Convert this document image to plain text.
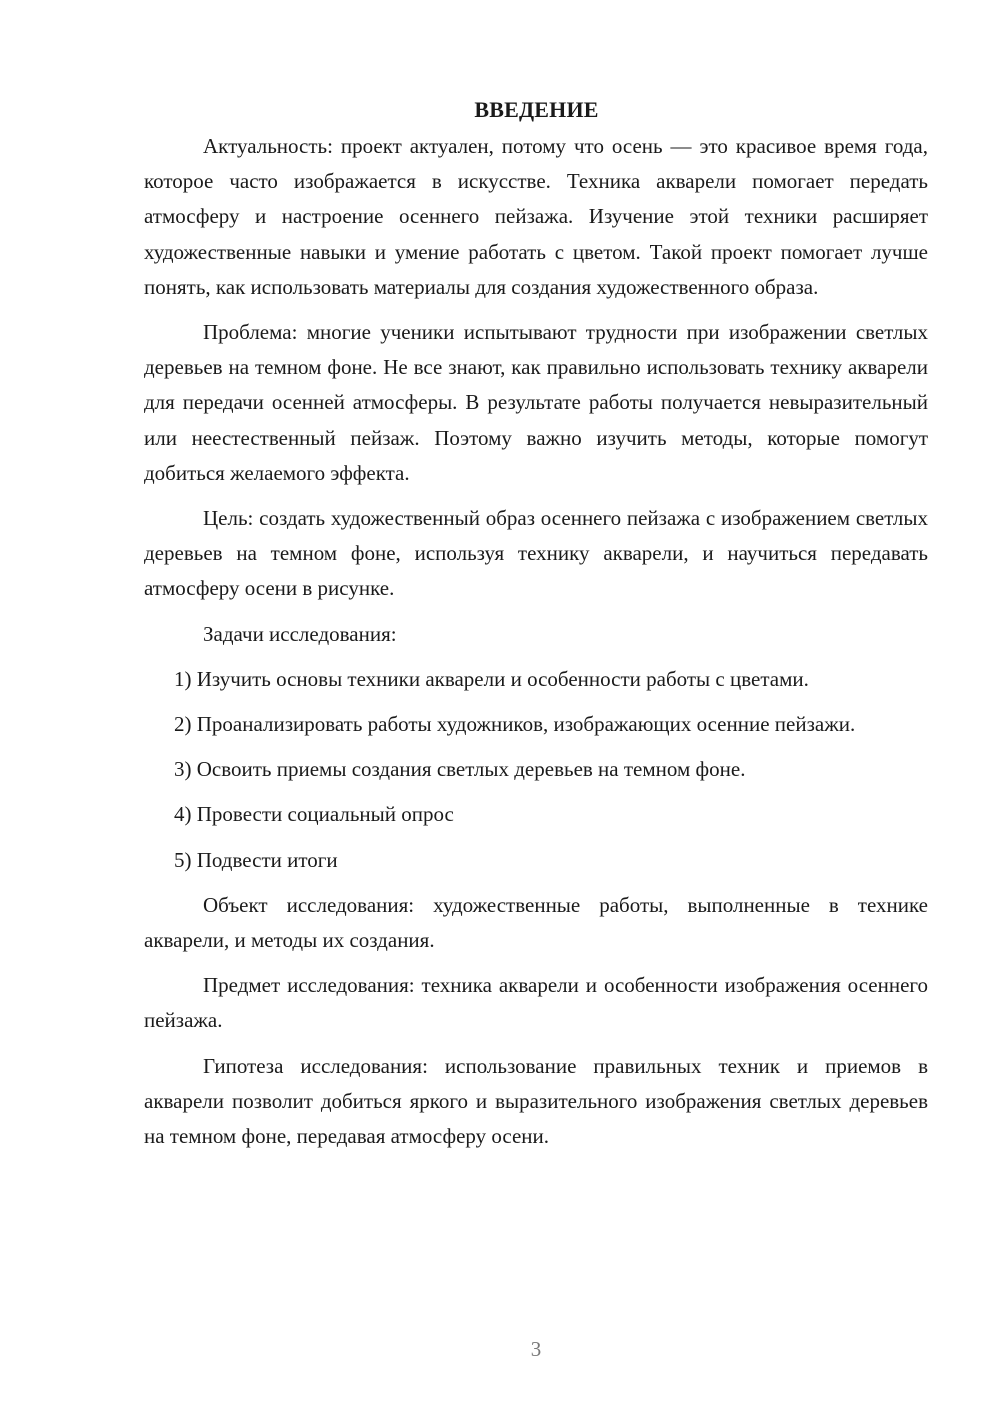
ВВЕДЕНИЕ

Актуальность: проект актуален, потому что осень — это красивое время года, которое часто изображается в искусстве. Техника акварели помогает передать атмосферу и настроение осеннего пейзажа. Изучение этой техники расширяет художественные навыки и умение работать с цветом. Такой проект помогает лучше понять, как использовать материалы для создания художественного образа.

Проблема: многие ученики испытывают трудности при изображении светлых деревьев на темном фоне. Не все знают, как правильно использовать технику акварели для передачи осенней атмосферы. В результате работы получается невыразительный или неестественный пейзаж. Поэтому важно изучить методы, которые помогут добиться желаемого эффекта.

Цель: создать художественный образ осеннего пейзажа с изображением светлых деревьев на темном фоне, используя технику акварели, и научиться передавать атмосферу осени в рисунке.

Задачи исследования:

1) Изучить основы техники акварели и особенности работы с цветами.

2) Проанализировать работы художников, изображающих осенние пейзажи.

3) Освоить приемы создания светлых деревьев на темном фоне.

4) Провести социальный опрос

5) Подвести итоги

Объект исследования: художественные работы, выполненные в технике акварели, и методы их создания.

Предмет исследования: техника акварели и особенности изображения осеннего пейзажа.

Гипотеза исследования: использование правильных техник и приемов в акварели позволит добиться яркого и выразительного изображения светлых деревьев на темном фоне, передавая атмосферу осени.

3
